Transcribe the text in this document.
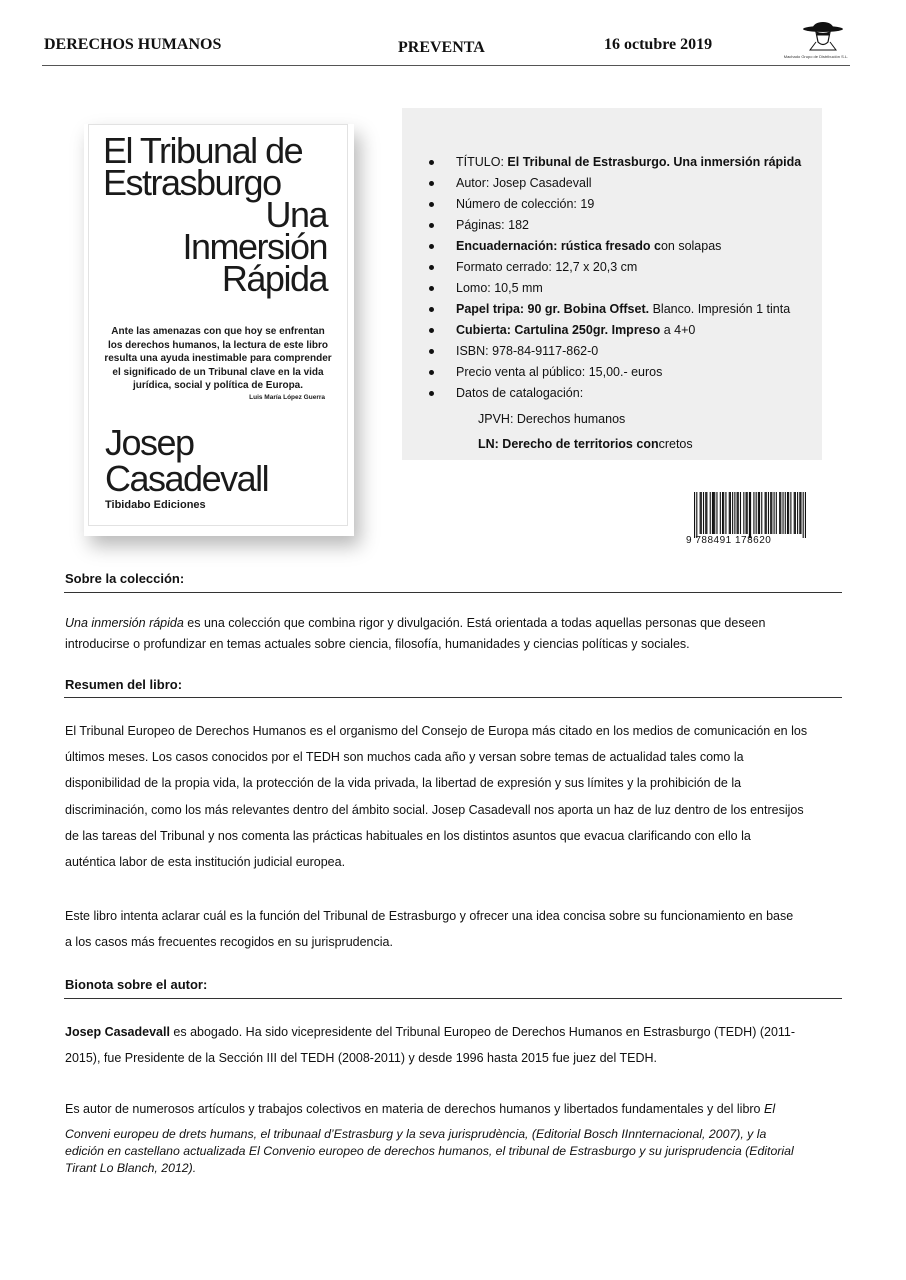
DERECHOS HUMANOS	PREVENTA	16 octubre 2019
Machado Grupo de Distribución S.L.
El Tribunal de
Estrasburgo
Una
Inmersión
Rápida
Ante las amenazas con que hoy se enfrentan los derechos humanos, la lectura de este libro resulta una ayuda inestimable para comprender el significado de un Tribunal clave en la vida jurídica, social y política de Europa.
Luis María López Guerra
Josep
Casadevall
Tibidabo Ediciones
TÍTULO: El Tribunal de Estrasburgo. Una inmersión rápida
Autor: Josep Casadevall
Número de colección: 19
Páginas: 182
Encuadernación: rústica fresado con solapas
Formato cerrado: 12,7 x 20,3 cm
Lomo: 10,5 mm
Papel tripa: 90 gr. Bobina Offset. Blanco. Impresión 1 tinta
Cubierta: Cartulina 250gr. Impreso a 4+0
ISBN: 978-84-9117-862-0
Precio venta al público: 15,00.- euros
Datos de catalogación:
JPVH: Derechos humanos
LN: Derecho de territorios concretos
9 788491 178620
Sobre la colección:
Una inmersión rápida es una colección que combina rigor y divulgación. Está orientada a todas aquellas personas que deseen
introducirse o profundizar en temas actuales sobre ciencia, filosofía, humanidades y ciencias políticas y sociales.
Resumen del libro:
El Tribunal Europeo de Derechos Humanos es el organismo del Consejo de Europa más citado en los medios de comunicación en los
últimos meses. Los casos conocidos por el TEDH son muchos cada año y versan sobre temas de actualidad tales como la
disponibilidad de la propia vida, la protección de la vida privada, la libertad de expresión y sus límites y la prohibición de la
discriminación, como los más relevantes dentro del ámbito social. Josep Casadevall nos aporta un haz de luz dentro de los entresijos
de las tareas del Tribunal y nos comenta las prácticas habituales en los distintos asuntos que evacua clarificando con ello la
auténtica labor de esta institución judicial europea.
Este libro intenta aclarar cuál es la función del Tribunal de Estrasburgo y ofrecer una idea concisa sobre su funcionamiento en base
a los casos más frecuentes recogidos en su jurisprudencia.
Bionota sobre el autor:
Josep Casadevall es abogado. Ha sido vicepresidente del Tribunal Europeo de Derechos Humanos en Estrasburgo (TEDH) (2011-
2015), fue Presidente de la Sección III del TEDH (2008-2011) y desde 1996 hasta 2015 fue juez del TEDH.
Es autor de numerosos artículos y trabajos colectivos en materia de derechos humanos y libertados fundamentales y del libro El
Conveni europeu de drets humans, el tribunaal d’Estrasburg y la seva jurisprudència, (Editorial Bosch IInnternacional, 2007), y la
edición en castellano actualizada El Convenio europeo de derechos humanos, el tribunal de Estrasburgo y su jurisprudencia (Editorial
Tirant Lo Blanch, 2012).
